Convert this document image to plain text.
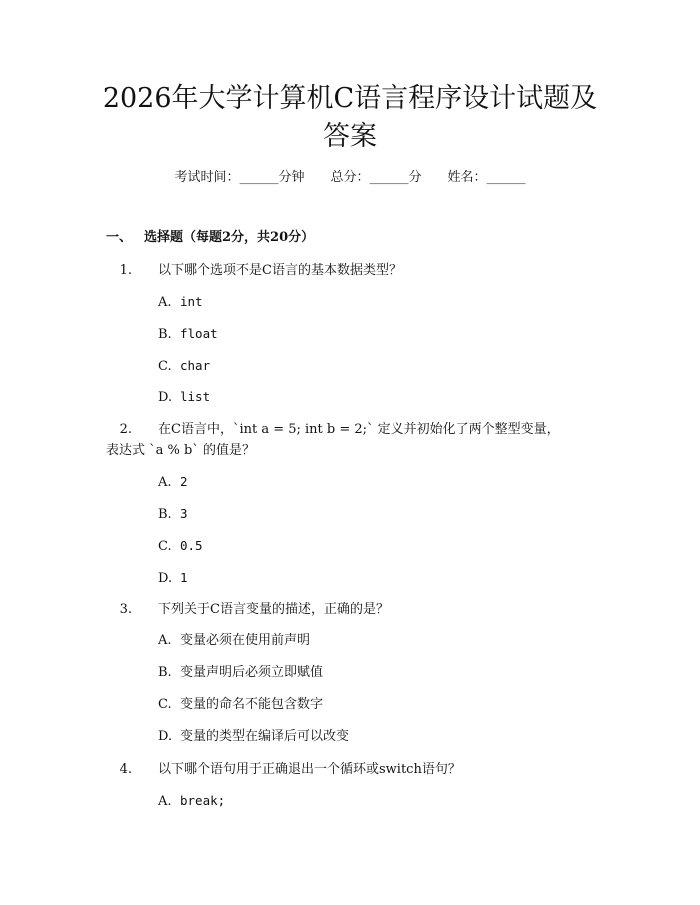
2026年大学计算机C语言程序设计试题及答案
考试时间：______分钟 总分：______分 姓名：______
一、 选择题（每题2分，共20分）
1. 以下哪个选项不是C语言的基本数据类型？
A. int
B. float
C. char
D. list
2. 在C语言中，`int a = 5; int b = 2;` 定义并初始化了两个整型变量，
表达式 `a % b` 的值是？
A. 2
B. 3
C. 0.5
D. 1
3. 下列关于C语言变量的描述，正确的是？
A. 变量必须在使用前声明
B. 变量声明后必须立即赋值
C. 变量的命名不能包含数字
D. 变量的类型在编译后可以改变
4. 以下哪个语句用于正确退出一个循环或switch语句？
A. break;
